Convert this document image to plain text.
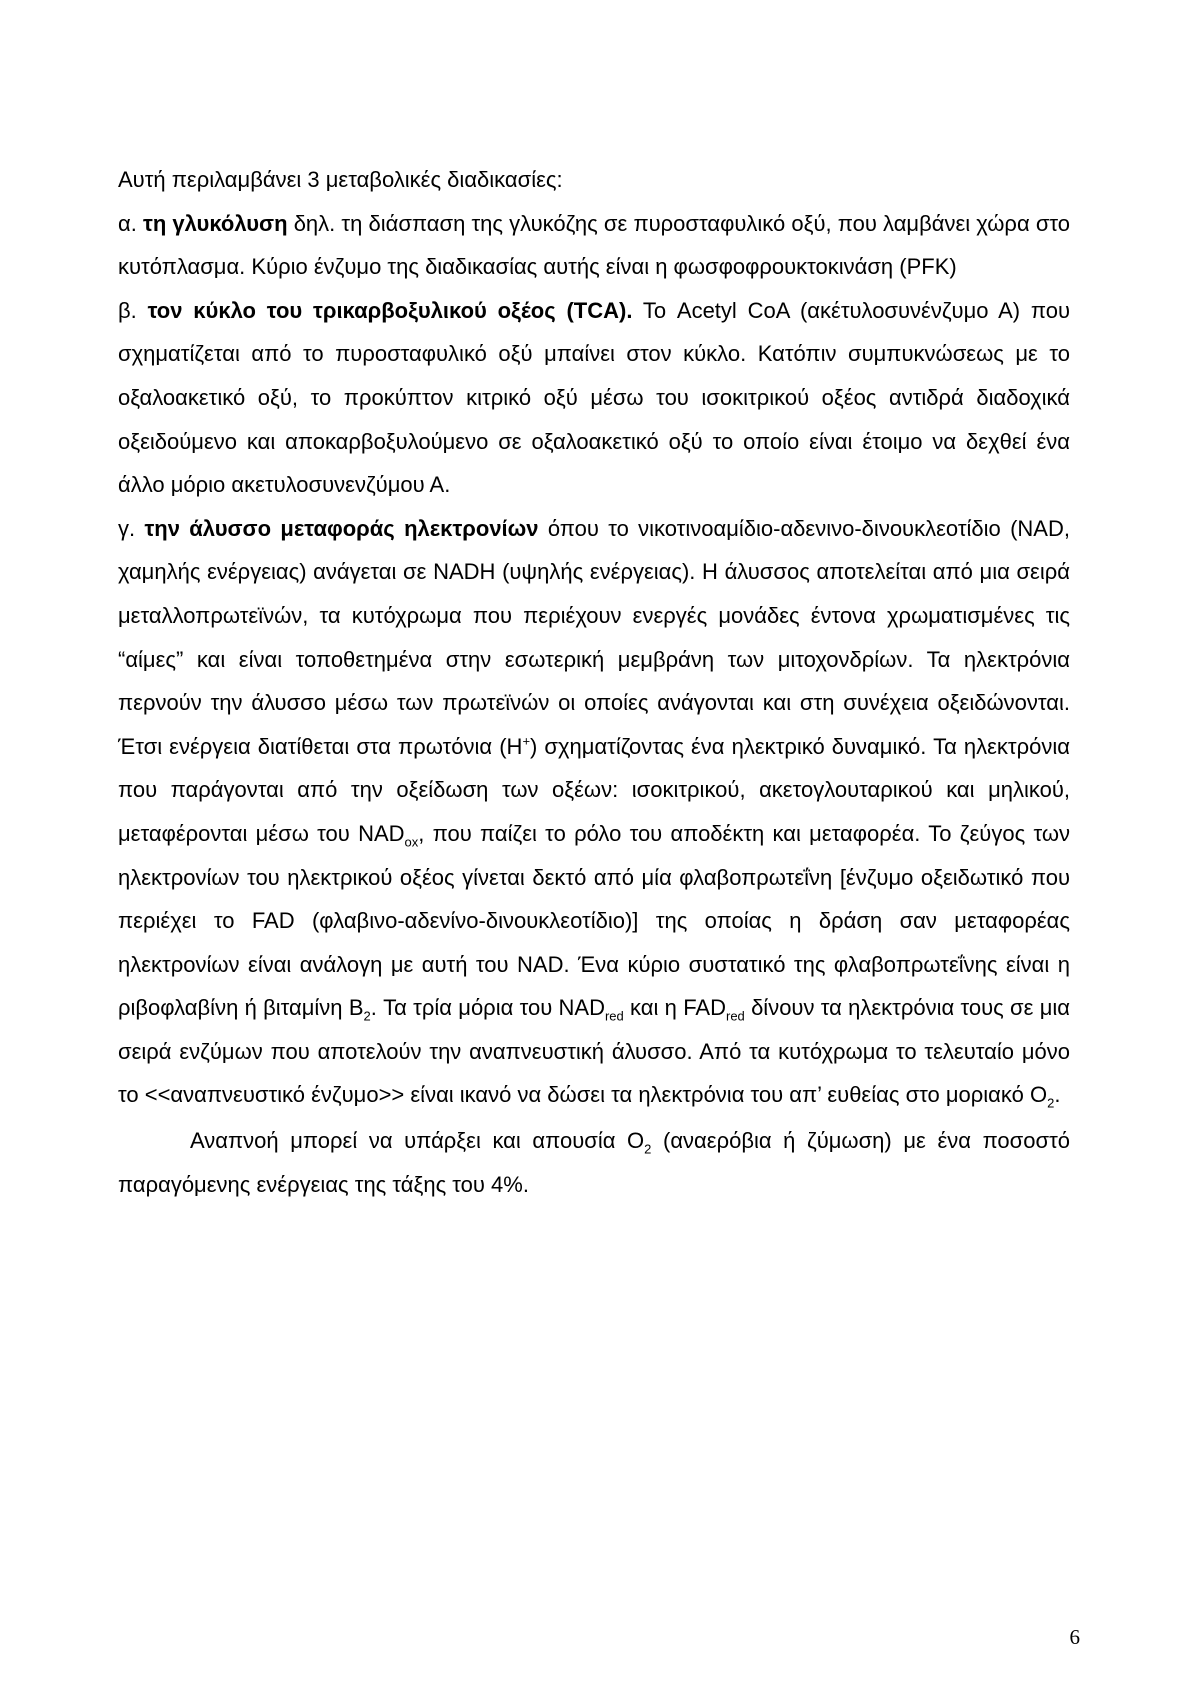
Αυτή περιλαμβάνει 3 μεταβολικές διαδικασίες:

α. τη γλυκόλυση δηλ. τη διάσπαση της γλυκόζης σε πυροσταφυλικό οξύ, που λαμβάνει χώρα στο κυτόπλασμα. Κύριο ένζυμο της διαδικασίας αυτής είναι η φωσφοφρουκτοκινάση (PFK)

β. τον κύκλο του τρικαρβοξυλικού οξέος (TCA). Το Acetyl CoA (ακέτυλοσυνένζυμο Α) που σχηματίζεται από το πυροσταφυλικό οξύ μπαίνει στον κύκλο. Κατόπιν συμπυκνώσεως με το οξαλοακετικό οξύ, το προκύπτον κιτρικό οξύ μέσω του ισοκιτρικού οξέος αντιδρά διαδοχικά οξειδούμενο και αποκαρβοξυλούμενο σε οξαλοακετικό οξύ το οποίο είναι έτοιμο να δεχθεί ένα άλλο μόριο ακετυλοσυνενζύμου Α.

γ. την άλυσσο μεταφοράς ηλεκτρονίων όπου το νικοτινοαμίδιο-αδενινο-δινουκλεοτίδιο (NAD, χαμηλής ενέργειας) ανάγεται σε NADH (υψηλής ενέργειας). Η άλυσσος αποτελείται από μια σειρά μεταλλοπρωτεϊνών, τα κυτόχρωμα που περιέχουν ενεργές μονάδες έντονα χρωματισμένες τις “αίμες” και είναι τοποθετημένα στην εσωτερική μεμβράνη των μιτοχονδρίων. Τα ηλεκτρόνια περνούν την άλυσσο μέσω των πρωτεϊνών οι οποίες ανάγονται και στη συνέχεια οξειδώνονται. Έτσι ενέργεια διατίθεται στα πρωτόνια (H+) σχηματίζοντας ένα ηλεκτρικό δυναμικό. Τα ηλεκτρόνια που παράγονται από την οξείδωση των οξέων: ισοκιτρικού, ακετογλουταρικού και μηλικού, μεταφέρονται μέσω του $NAD_{ox}$, που παίζει το ρόλο του αποδέκτη και μεταφορέα. Το ζεύγος των ηλεκτρονίων του ηλεκτρικού οξέος γίνεται δεκτό από μία φλαβοπρωτεΐνη [ένζυμο οξειδωτικό που περιέχει το FAD (φλαβινο-αδενίνο-δινουκλεοτίδιο)] της οποίας η δράση σαν μεταφορέας ηλεκτρονίων είναι ανάλογη με αυτή του NAD. Ένα κύριο συστατικό της φλαβοπρωτεΐνης είναι η ριβοφλαβίνη ή βιταμίνη $B_2$. Τα τρία μόρια του $NAD_{red}$ και η $FAD_{red}$ δίνουν τα ηλεκτρόνια τους σε μια σειρά ενζύμων που αποτελούν την αναπνευστική άλυσσο. Από τα κυτόχρωμα το τελευταίο μόνο το <<αναπνευστικό ένζυμο>> είναι ικανό να δώσει τα ηλεκτρόνια του απ’ ευθείας στο μοριακό $O_2$.

Αναπνοή μπορεί να υπάρξει και απουσία $O_2$ (αναερόβια ή ζύμωση) με ένα ποσοστό παραγόμενης ενέργειας της τάξης του 4%.

6
